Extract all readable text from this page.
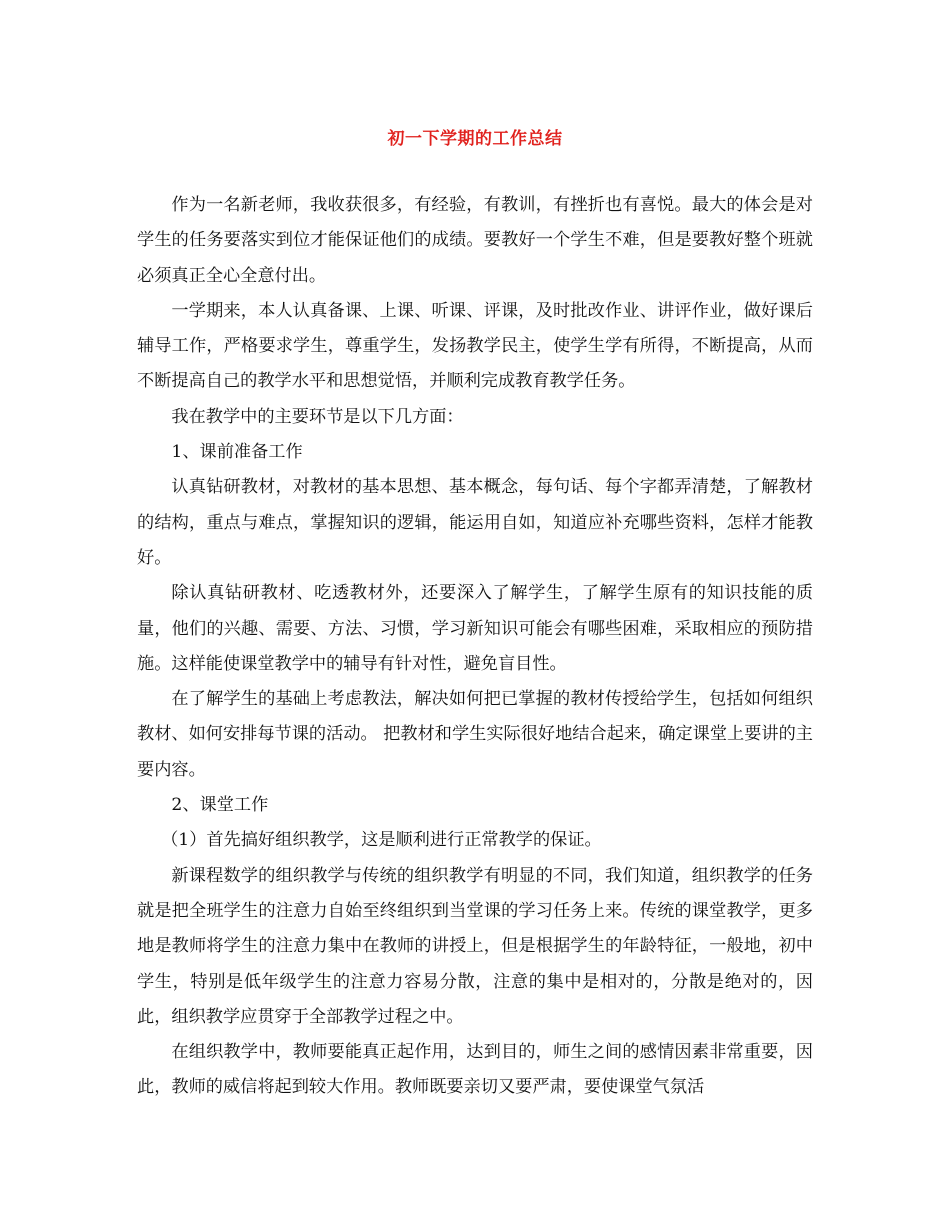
初一下学期的工作总结

作为一名新老师，我收获很多，有经验，有教训，有挫折也有喜悦。最大的体会是对学生的任务要落实到位才能保证他们的成绩。要教好一个学生不难，但是要教好整个班就必须真正全心全意付出。

一学期来，本人认真备课、上课、听课、评课，及时批改作业、讲评作业，做好课后辅导工作，严格要求学生，尊重学生，发扬教学民主，使学生学有所得，不断提高，从而不断提高自己的教学水平和思想觉悟，并顺利完成教育教学任务。

我在教学中的主要环节是以下几方面：

1、课前准备工作

认真钻研教材，对教材的基本思想、基本概念，每句话、每个字都弄清楚，了解教材的结构，重点与难点，掌握知识的逻辑，能运用自如，知道应补充哪些资料，怎样才能教好。

除认真钻研教材、吃透教材外，还要深入了解学生，了解学生原有的知识技能的质量，他们的兴趣、需要、方法、习惯，学习新知识可能会有哪些困难，采取相应的预防措施。这样能使课堂教学中的辅导有针对性，避免盲目性。

在了解学生的基础上考虑教法，解决如何把已掌握的教材传授给学生，包括如何组织教材、如何安排每节课的活动。 把教材和学生实际很好地结合起来，确定课堂上要讲的主要内容。

2、课堂工作

（1）首先搞好组织教学，这是顺利进行正常教学的保证。

新课程数学的组织教学与传统的组织教学有明显的不同，我们知道，组织教学的任务就是把全班学生的注意力自始至终组织到当堂课的学习任务上来。传统的课堂教学，更多地是教师将学生的注意力集中在教师的讲授上，但是根据学生的年龄特征，一般地，初中学生，特别是低年级学生的注意力容易分散，注意的集中是相对的，分散是绝对的，因此，组织教学应贯穿于全部教学过程之中。

在组织教学中，教师要能真正起作用，达到目的，师生之间的感情因素非常重要，因此，教师的威信将起到较大作用。教师既要亲切又要严肃，要使课堂气氛活
